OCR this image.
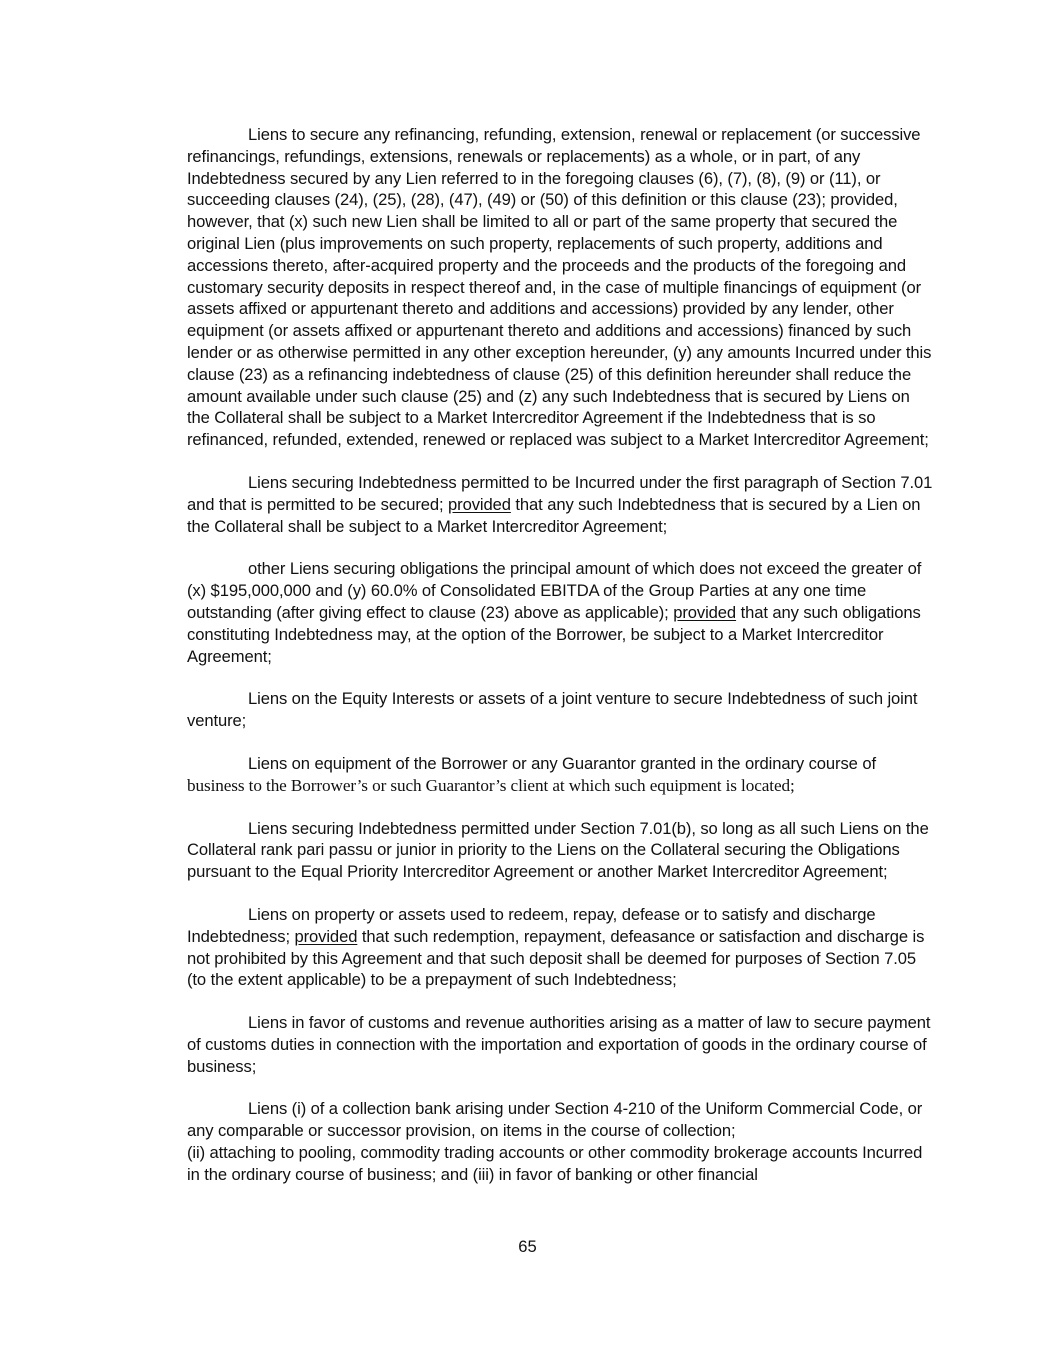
Liens to secure any refinancing, refunding, extension, renewal or replacement (or successive refinancings, refundings, extensions, renewals or replacements) as a whole, or in part, of any Indebtedness secured by any Lien referred to in the foregoing clauses (6), (7), (8), (9) or (11), or succeeding clauses (24), (25), (28), (47), (49) or (50) of this definition or this clause (23); provided, however, that (x) such new Lien shall be limited to all or part of the same property that secured the original Lien (plus improvements on such property, replacements of such property, additions and accessions thereto, after-acquired property and the proceeds and the products of the foregoing and customary security deposits in respect thereof and, in the case of multiple financings of equipment (or assets affixed or appurtenant thereto and additions and accessions) provided by any lender, other equipment (or assets affixed or appurtenant thereto and additions and accessions) financed by such lender or as otherwise permitted in any other exception hereunder, (y) any amounts Incurred under this clause (23) as a refinancing indebtedness of clause (25) of this definition hereunder shall reduce the amount available under such clause (25) and (z) any such Indebtedness that is secured by Liens on the Collateral shall be subject to a Market Intercreditor Agreement if the Indebtedness that is so refinanced, refunded, extended, renewed or replaced was subject to a Market Intercreditor Agreement;

Liens securing Indebtedness permitted to be Incurred under the first paragraph of Section 7.01 and that is permitted to be secured; provided that any such Indebtedness that is secured by a Lien on the Collateral shall be subject to a Market Intercreditor Agreement;

other Liens securing obligations the principal amount of which does not exceed the greater of (x) $195,000,000 and (y) 60.0% of Consolidated EBITDA of the Group Parties at any one time outstanding (after giving effect to clause (23) above as applicable); provided that any such obligations constituting Indebtedness may, at the option of the Borrower, be subject to a Market Intercreditor Agreement;

Liens on the Equity Interests or assets of a joint venture to secure Indebtedness of such joint venture;

Liens on equipment of the Borrower or any Guarantor granted in the ordinary course of business to the Borrower’s or such Guarantor’s client at which such equipment is located;

Liens securing Indebtedness permitted under Section 7.01(b), so long as all such Liens on the Collateral rank pari passu or junior in priority to the Liens on the Collateral securing the Obligations pursuant to the Equal Priority Intercreditor Agreement or another Market Intercreditor Agreement;

Liens on property or assets used to redeem, repay, defease or to satisfy and discharge Indebtedness; provided that such redemption, repayment, defeasance or satisfaction and discharge is not prohibited by this Agreement and that such deposit shall be deemed for purposes of Section 7.05 (to the extent applicable) to be a prepayment of such Indebtedness;

Liens in favor of customs and revenue authorities arising as a matter of law to secure payment of customs duties in connection with the importation and exportation of goods in the ordinary course of business;

Liens (i) of a collection bank arising under Section 4-210 of the Uniform Commercial Code, or any comparable or successor provision, on items in the course of collection;
(ii) attaching to pooling, commodity trading accounts or other commodity brokerage accounts Incurred in the ordinary course of business; and (iii) in favor of banking or other financial

65
